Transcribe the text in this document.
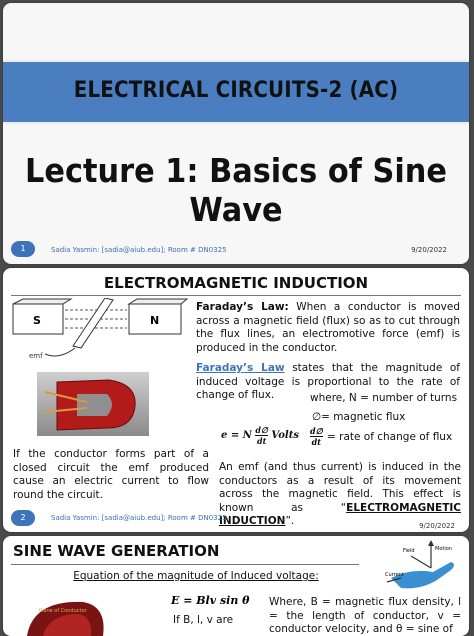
ELECTRICAL CIRCUITS-2 (AC)
Lecture 1: Basics of Sine Wave
1	Sadia Yasmin: [sadia@aiub.edu]; Room # DN0325	9/20/2022
ELECTROMAGNETIC INDUCTION
emf
S	N
Faraday’s Law: When a conductor is moved across a magnetic field (flux) so as to cut through the flux lines, an electromotive force (emf) is produced in the conductor.
Faraday’s Law states that the magnitude of induced voltage is proportional to the rate of change of flux.	where, N = number of turns
∅= magnetic flux
$\frac{d\emptyset}{dt}$ = rate of change of flux
e = N $\frac{d\emptyset}{dt}$ Volts
If the conductor forms part of a closed circuit the emf produced cause an electric current to flow round the circuit.
An emf (and thus current) is induced in the conductors as a result of its movement across the magnetic field. This effect is known as “ELECTROMAGNETIC INDUCTION”.
2	Sadia Yasmin: [sadia@aiub.edu]; Room # DN0325
9/20/2022
SINE WAVE GENERATION
Equation of the magnitude of Induced voltage:
Plane of Conductor
E = Blv sin θ
If B, l, v are
Where, B = magnetic flux density, l = the length of conductor, v = conductor velocity, and θ = sine of
Field	Motion
Current
